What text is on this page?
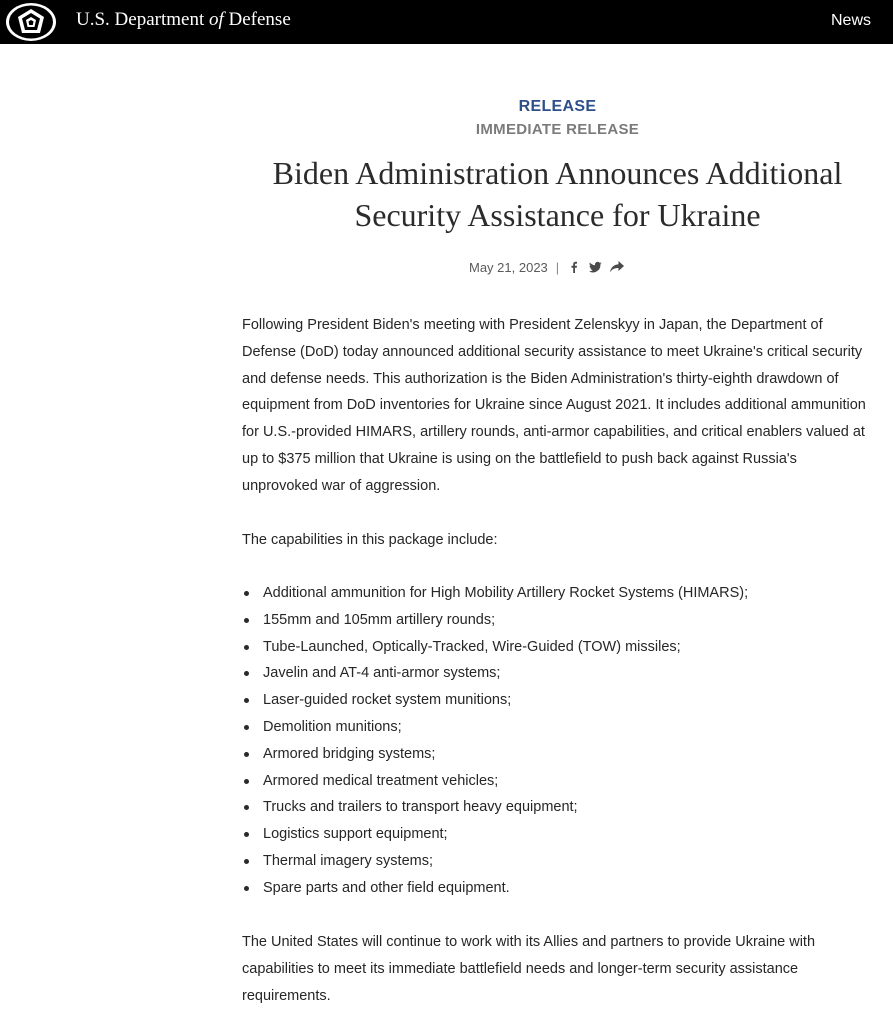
U.S. Department of Defense	News
RELEASE
IMMEDIATE RELEASE
Biden Administration Announces Additional Security Assistance for Ukraine
May 21, 2023 |

Following President Biden's meeting with President Zelenskyy in Japan, the Department of Defense (DoD) today announced additional security assistance to meet Ukraine's critical security and defense needs. This authorization is the Biden Administration's thirty-eighth drawdown of equipment from DoD inventories for Ukraine since August 2021. It includes additional ammunition for U.S.-provided HIMARS, artillery rounds, anti-armor capabilities, and critical enablers valued at up to $375 million that Ukraine is using on the battlefield to push back against Russia's unprovoked war of aggression.

The capabilities in this package include:

Additional ammunition for High Mobility Artillery Rocket Systems (HIMARS);
155mm and 105mm artillery rounds;
Tube-Launched, Optically-Tracked, Wire-Guided (TOW) missiles;
Javelin and AT-4 anti-armor systems;
Laser-guided rocket system munitions;
Demolition munitions;
Armored bridging systems;
Armored medical treatment vehicles;
Trucks and trailers to transport heavy equipment;
Logistics support equipment;
Thermal imagery systems;
Spare parts and other field equipment.

The United States will continue to work with its Allies and partners to provide Ukraine with capabilities to meet its immediate battlefield needs and longer-term security assistance requirements.
